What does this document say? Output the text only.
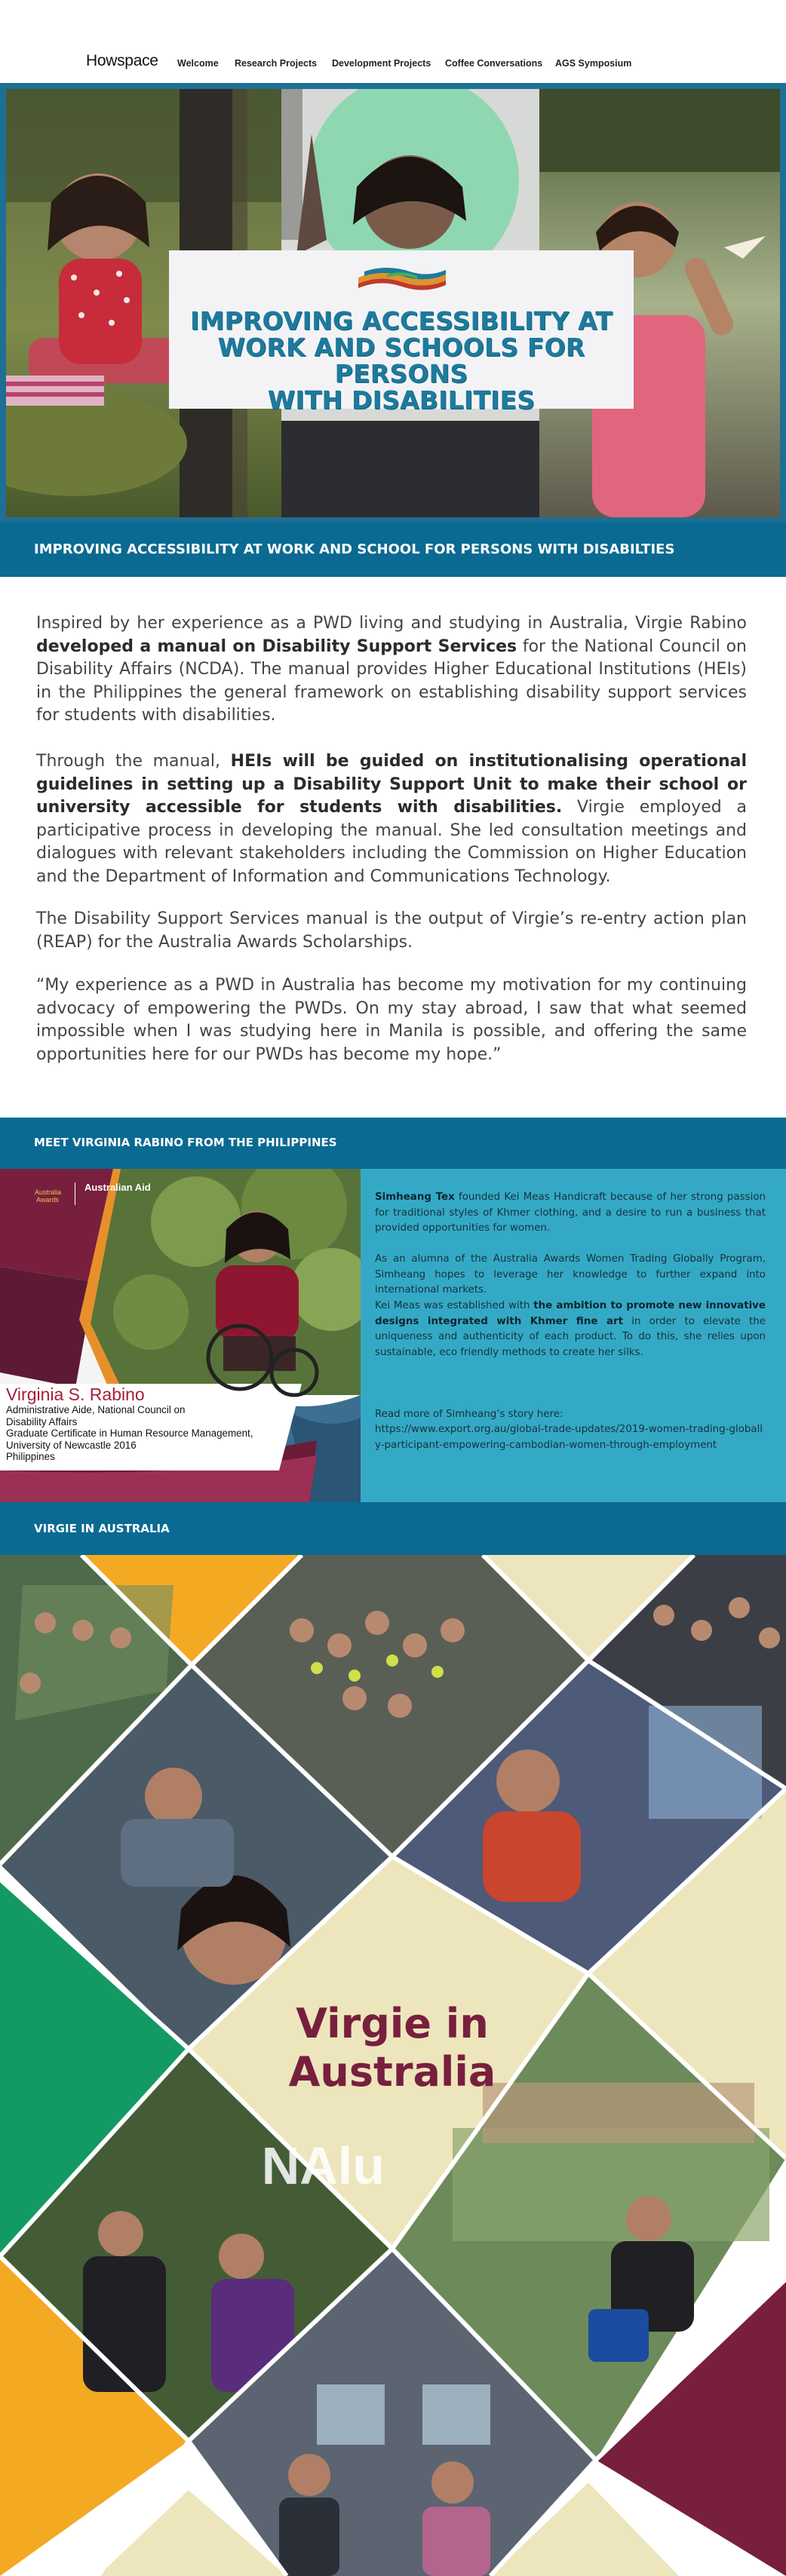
Howspace Welcome Research Projects Development Projects Coffee Conversations AGS Symposium
IMPROVING ACCESSIBILITY AT
WORK AND SCHOOLS FOR PERSONS
WITH DISABILITIES
IMPROVING ACCESSIBILITY AT WORK AND SCHOOL FOR PERSONS WITH DISABILTIES
Inspired by her experience as a PWD living and studying in Australia, Virgie Rabino developed a manual on Disability Support Services for the National Council on Disability Affairs (NCDA). The manual provides Higher Educational Institutions (HEIs) in the Philippines the general framework on establishing disability support services for students with disabilities.
Through the manual, HEIs will be guided on institutionalising operational guidelines in setting up a Disability Support Unit to make their school or university accessible for students with disabilities. Virgie employed a participative process in developing the manual. She led consultation meetings and dialogues with relevant stakeholders including the Commission on Higher Education and the Department of Information and Communications Technology.
The Disability Support Services manual is the output of Virgie’s re-entry action plan (REAP) for the Australia Awards Scholarships.
“My experience as a PWD in Australia has become my motivation for my continuing advocacy of empowering the PWDs. On my stay abroad, I saw that what seemed impossible when I was studying here in Manila is possible, and offering the same opportunities here for our PWDs has become my hope.”
MEET VIRGINIA RABINO FROM THE PHILIPPINES
Australia
Awards
Australian Aid
Virginia S. Rabino
Administrative Aide, National Council on
Disability Affairs
Graduate Certificate in Human Resource Management,
University of Newcastle 2016
Philippines
Simheang Tex founded Kei Meas Handicraft because of her strong passion for traditional styles of Khmer clothing, and a desire to run a business that provided opportunities for women.
As an alumna of the Australia Awards Women Trading Globally Program, Simheang hopes to leverage her knowledge to further expand into international markets.
Kei Meas was established with the ambition to promote new innovative designs integrated with Khmer fine art in order to elevate the uniqueness and authenticity of each product. To do this, she relies upon sustainable, eco friendly methods to create her silks.
Read more of Simheang’s story here:
https://www.export.org.au/global-trade-updates/2019-women-trading-globally-participant-empowering-cambodian-women-through-employment
VIRGIE IN AUSTRALIA
NAlu
Virgie in
Australia
